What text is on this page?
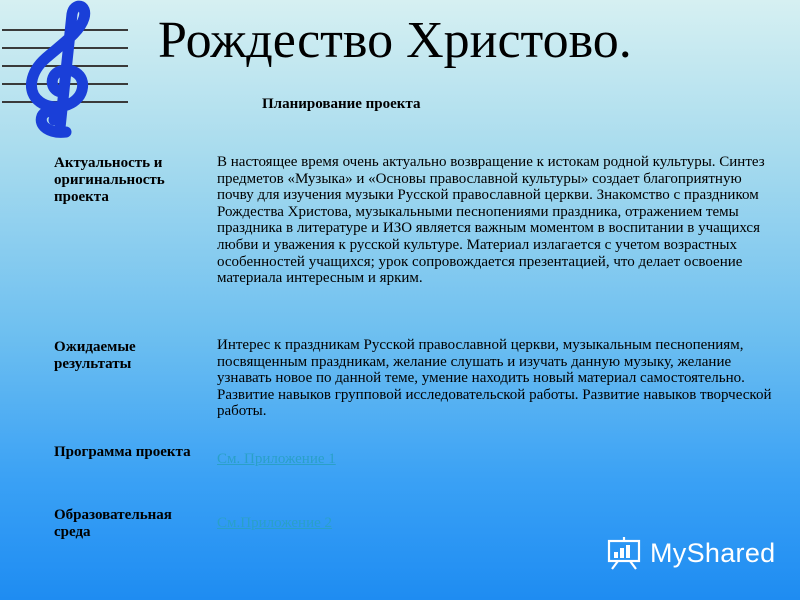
Рождество Христово.
Планирование проекта
Актуальность и оригинальность проекта
В настоящее время очень актуально возвращение к истокам родной культуры. Синтез предметов «Музыка» и «Основы православной культуры» создает благоприятную почву для изучения музыки Русской православной церкви. Знакомство с праздником Рождества Христова, музыкальными песнопениями праздника, отражением темы праздника в литературе и ИЗО является важным моментом в воспитании в учащихся любви и уважения к русской культуре. Материал излагается с учетом возрастных особенностей учащихся; урок сопровождается презентацией, что делает освоение материала интересным и ярким.
Ожидаемые результаты
Интерес к праздникам Русской православной церкви, музыкальным песнопениям, посвященным праздникам, желание слушать и изучать данную музыку, желание узнавать новое по данной теме, умение находить новый материал самостоятельно. Развитие навыков групповой исследовательской работы. Развитие навыков творческой работы.
Программа проекта	См. Приложение 1
Образовательная среда
См.Приложение 2
MyShared
